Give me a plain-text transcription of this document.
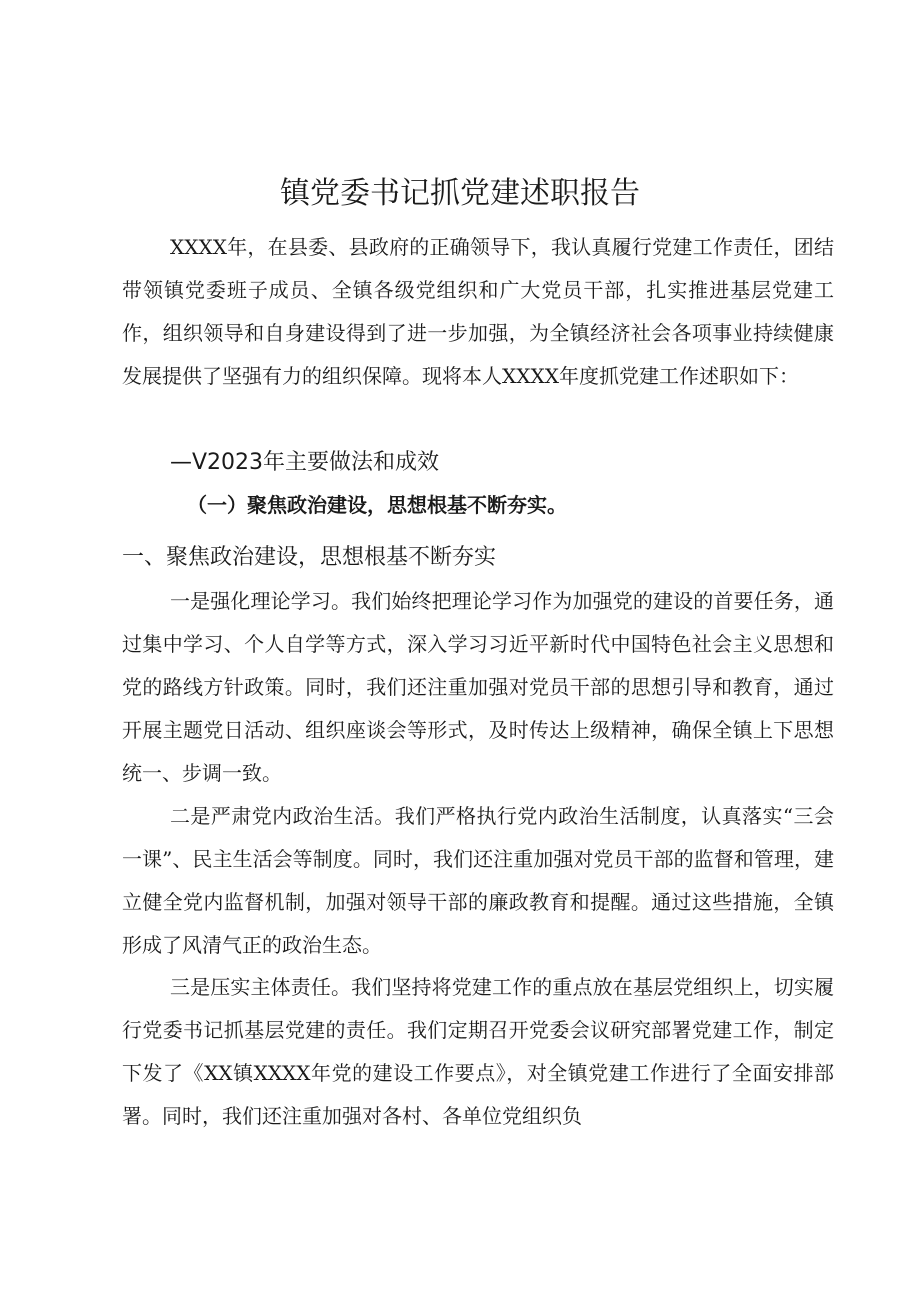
镇党委书记抓党建述职报告

XXXX年，在县委、县政府的正确领导下，我认真履行党建工作责任，团结带领镇党委班子成员、全镇各级党组织和广大党员干部，扎实推进基层党建工作，组织领导和自身建设得到了进一步加强，为全镇经济社会各项事业持续健康发展提供了坚强有力的组织保障。现将本人XXXX年度抓党建工作述职如下：

—V2023年主要做法和成效
（一）聚焦政治建设，思想根基不断夯实。
一、聚焦政治建设，思想根基不断夯实

一是强化理论学习。我们始终把理论学习作为加强党的建设的首要任务，通过集中学习、个人自学等方式，深入学习习近平新时代中国特色社会主义思想和党的路线方针政策。同时，我们还注重加强对党员干部的思想引导和教育，通过开展主题党日活动、组织座谈会等形式，及时传达上级精神，确保全镇上下思想统一、步调一致。

二是严肃党内政治生活。我们严格执行党内政治生活制度，认真落实“三会一课”、民主生活会等制度。同时，我们还注重加强对党员干部的监督和管理，建立健全党内监督机制，加强对领导干部的廉政教育和提醒。通过这些措施，全镇形成了风清气正的政治生态。

三是压实主体责任。我们坚持将党建工作的重点放在基层党组织上，切实履行党委书记抓基层党建的责任。我们定期召开党委会议研究部署党建工作，制定下发了《XX镇XXXX年党的建设工作要点》，对全镇党建工作进行了全面安排部署。同时，我们还注重加强对各村、各单位党组织负
